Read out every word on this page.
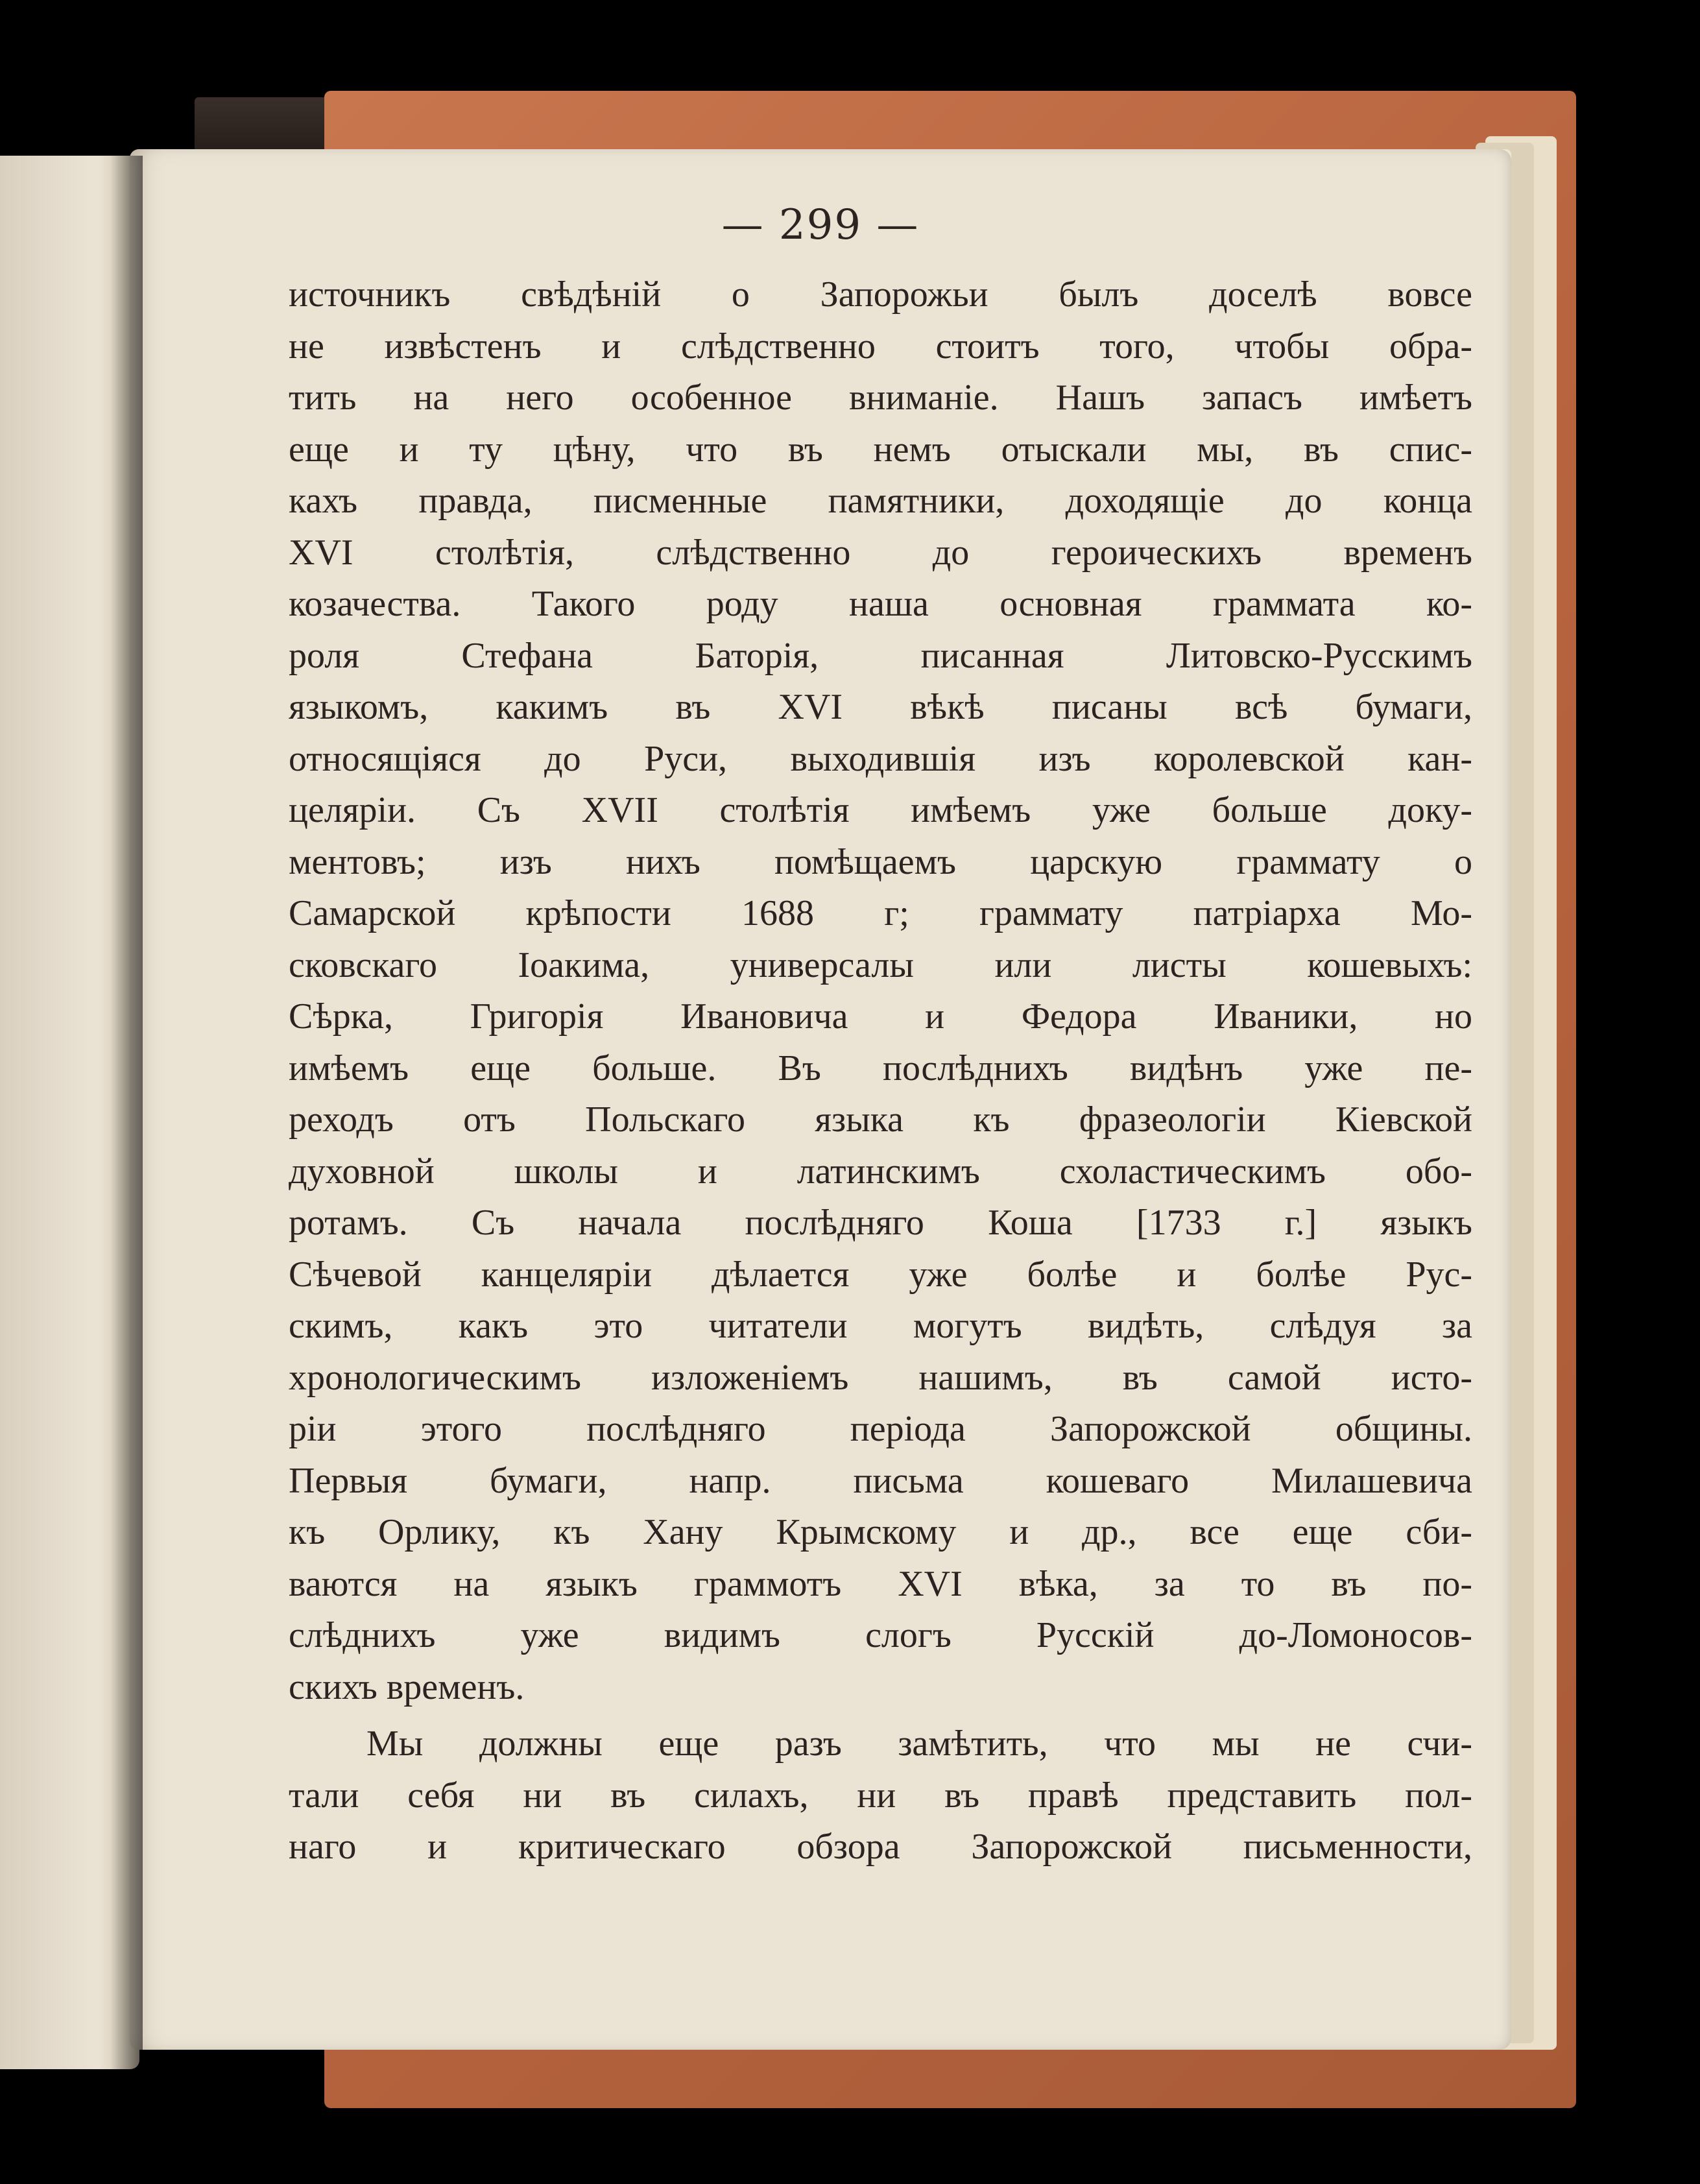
— 299 —
источникъ свѣдѣній о Запорожьи былъ доселѣ вовсе
не извѣстенъ и слѣдственно стоитъ того, чтобы обра-
тить на него особенное вниманіе. Нашъ запасъ имѣетъ
еще и ту цѣну, что въ немъ отыскали мы, въ спис-
кахъ правда, писменные памятники, доходящіе до конца
XVI столѣтія, слѣдственно до героическихъ временъ
козачества. Такого роду наша основная граммата ко-
роля Стефана Баторія, писанная Литовско-Русскимъ
языкомъ, какимъ въ XVI вѣкѣ писаны всѣ бумаги,
относящіяся до Руси, выходившія изъ королевской кан-
целяріи. Съ XVII столѣтія имѣемъ уже больше доку-
ментовъ; изъ нихъ помѣщаемъ царскую граммату о
Самарской крѣпости 1688 г; граммату патріарха Мо-
сковскаго Іоакима, универсалы или листы кошевыхъ:
Сѣрка, Григорія Ивановича и Федора Иваники, но
имѣемъ еще больше. Въ послѣднихъ видѣнъ уже пе-
реходъ отъ Польскаго языка къ фразеологіи Кіевской
духовной школы и латинскимъ схоластическимъ обо-
ротамъ. Съ начала послѣдняго Коша [1733 г.] языкъ
Сѣчевой канцеляріи дѣлается уже болѣе и болѣе Рус-
скимъ, какъ это читатели могутъ видѣть, слѣдуя за
хронологическимъ изложеніемъ нашимъ, въ самой исто-
ріи этого послѣдняго періода Запорожской общины.
Первыя бумаги, напр. письма кошеваго Милашевича
къ Орлику, къ Хану Крымскому и др., все еще сби-
ваются на языкъ граммотъ XVI вѣка, за то въ по-
слѣднихъ уже видимъ слогъ Русскій до-Ломоносов-
скихъ временъ.
Мы должны еще разъ замѣтить, что мы не счи-
тали себя ни въ силахъ, ни въ правѣ представить пол-
наго и критическаго обзора Запорожской письменности,
